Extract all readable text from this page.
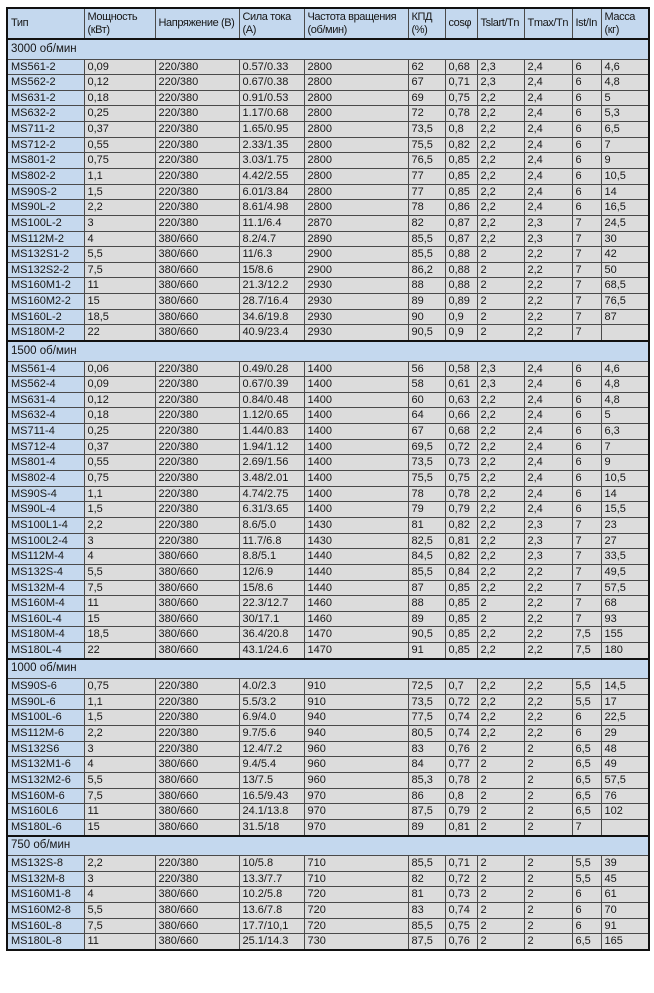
Тип	Мощность (кВт)	Напряжение (В)	Сила тока (А)	Частота вращения (об/мин)	КПД (%)	cosφ	Tslart/Tn	Tmax/Tn	Ist/In	Масса (кг)
3000 об/мин										
MS561-2	0,09	220/380	0.57/0.33	2800	62	0,68	2,3	2,4	6	4,6
MS562-2	0,12	220/380	0.67/0.38	2800	67	0,71	2,3	2,4	6	4,8
MS631-2	0,18	220/380	0.91/0.53	2800	69	0,75	2,2	2,4	6	5
MS632-2	0,25	220/380	1.17/0.68	2800	72	0,78	2,2	2,4	6	5,3
MS711-2	0,37	220/380	1.65/0.95	2800	73,5	0,8	2,2	2,4	6	6,5
MS712-2	0,55	220/380	2.33/1.35	2800	75,5	0,82	2,2	2,4	6	7
MS801-2	0,75	220/380	3.03/1.75	2800	76,5	0,85	2,2	2,4	6	9
MS802-2	1,1	220/380	4.42/2.55	2800	77	0,85	2,2	2,4	6	10,5
MS90S-2	1,5	220/380	6.01/3.84	2800	77	0,85	2,2	2,4	6	14
MS90L-2	2,2	220/380	8.61/4.98	2800	78	0,86	2,2	2,4	6	16,5
MS100L-2	3	220/380	11.1/6.4	2870	82	0,87	2,2	2,3	7	24,5
MS112M-2	4	380/660	8.2/4.7	2890	85,5	0,87	2,2	2,3	7	30
MS132S1-2	5,5	380/660	11/6.3	2900	85,5	0,88	2	2,2	7	42
MS132S2-2	7,5	380/660	15/8.6	2900	86,2	0,88	2	2,2	7	50
MS160M1-2	11	380/660	21.3/12.2	2930	88	0,88	2	2,2	7	68,5
MS160M2-2	15	380/660	28.7/16.4	2930	89	0,89	2	2,2	7	76,5
MS160L-2	18,5	380/660	34.6/19.8	2930	90	0,9	2	2,2	7	87
MS180M-2	22	380/660	40.9/23.4	2930	90,5	0,9	2	2,2	7	
1500 об/мин										
MS561-4	0,06	220/380	0.49/0.28	1400	56	0,58	2,3	2,4	6	4,6
MS562-4	0,09	220/380	0.67/0.39	1400	58	0,61	2,3	2,4	6	4,8
MS631-4	0,12	220/380	0.84/0.48	1400	60	0,63	2,2	2,4	6	4,8
MS632-4	0,18	220/380	1.12/0.65	1400	64	0,66	2,2	2,4	6	5
MS711-4	0,25	220/380	1.44/0.83	1400	67	0,68	2,2	2,4	6	6,3
MS712-4	0,37	220/380	1.94/1.12	1400	69,5	0,72	2,2	2,4	6	7
MS801-4	0,55	220/380	2.69/1.56	1400	73,5	0,73	2,2	2,4	6	9
MS802-4	0,75	220/380	3.48/2.01	1400	75,5	0,75	2,2	2,4	6	10,5
MS90S-4	1,1	220/380	4.74/2.75	1400	78	0,78	2,2	2,4	6	14
MS90L-4	1,5	220/380	6.31/3.65	1400	79	0,79	2,2	2,4	6	15,5
MS100L1-4	2,2	220/380	8.6/5.0	1430	81	0,82	2,2	2,3	7	23
MS100L2-4	3	220/380	11.7/6.8	1430	82,5	0,81	2,2	2,3	7	27
MS112M-4	4	380/660	8.8/5.1	1440	84,5	0,82	2,2	2,3	7	33,5
MS132S-4	5,5	380/660	12/6.9	1440	85,5	0,84	2,2	2,2	7	49,5
MS132M-4	7,5	380/660	15/8.6	1440	87	0,85	2,2	2,2	7	57,5
MS160M-4	11	380/660	22.3/12.7	1460	88	0,85	2	2,2	7	68
MS160L-4	15	380/660	30/17.1	1460	89	0,85	2	2,2	7	93
MS180M-4	18,5	380/660	36.4/20.8	1470	90,5	0,85	2,2	2,2	7,5	155
MS180L-4	22	380/660	43.1/24.6	1470	91	0,85	2,2	2,2	7,5	180
1000 об/мин										
MS90S-6	0,75	220/380	4.0/2.3	910	72,5	0,7	2,2	2,2	5,5	14,5
MS90L-6	1,1	220/380	5.5/3.2	910	73,5	0,72	2,2	2,2	5,5	17
MS100L-6	1,5	220/380	6.9/4.0	940	77,5	0,74	2,2	2,2	6	22,5
MS112M-6	2,2	220/380	9.7/5.6	940	80,5	0,74	2,2	2,2	6	29
MS132S6	3	220/380	12.4/7.2	960	83	0,76	2	2	6,5	48
MS132M1-6	4	380/660	9.4/5.4	960	84	0,77	2	2	6,5	49
MS132M2-6	5,5	380/660	13/7.5	960	85,3	0,78	2	2	6,5	57,5
MS160M-6	7,5	380/660	16.5/9.43	970	86	0,8	2	2	6,5	76
MS160L6	11	380/660	24.1/13.8	970	87,5	0,79	2	2	6,5	102
MS180L-6	15	380/660	31.5/18	970	89	0,81	2	2	7	
750 об/мин										
MS132S-8	2,2	220/380	10/5.8	710	85,5	0,71	2	2	5,5	39
MS132M-8	3	220/380	13.3/7.7	710	82	0,72	2	2	5,5	45
MS160M1-8	4	380/660	10.2/5.8	720	81	0,73	2	2	6	61
MS160M2-8	5,5	380/660	13.6/7.8	720	83	0,74	2	2	6	70
MS160L-8	7,5	380/660	17.7/10,1	720	85,5	0,75	2	2	6	91
MS180L-8	11	380/660	25.1/14.3	730	87,5	0,76	2	2	6,5	165
